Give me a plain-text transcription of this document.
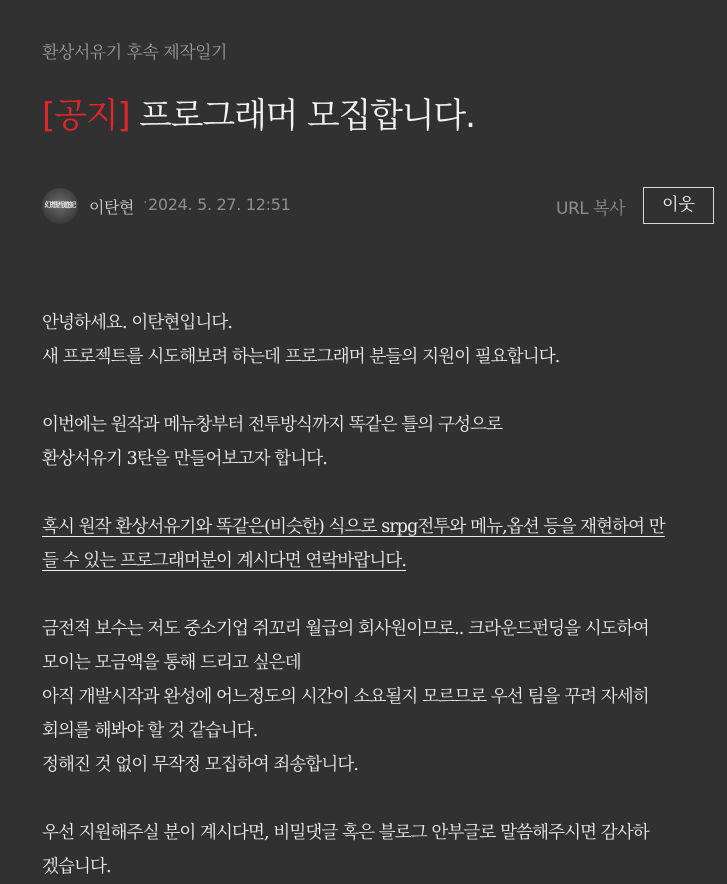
환상서유기 후속 제작일기
[공지] 프로그래머 모집합니다.
幻想西遊記 이탄현 · 2024. 5. 27. 12:51	URL 복사	이웃

안녕하세요. 이탄현입니다.

새 프로젝트를 시도해보려 하는데 프로그래머 분들의 지원이 필요합니다.

이번에는 원작과 메뉴창부터 전투방식까지 똑같은 틀의 구성으로

환상서유기 3탄을 만들어보고자 합니다.

혹시 원작 환상서유기와 똑같은(비슷한) 식으로 srpg전투와 메뉴,옵션 등을 재현하여 만

들 수 있는 프로그래머분이 계시다면 연락바랍니다.

금전적 보수는 저도 중소기업 쥐꼬리 월급의 회사원이므로.. 크라운드펀딩을 시도하여

모이는 모금액을 통해 드리고 싶은데

아직 개발시작과 완성에 어느정도의 시간이 소요될지 모르므로 우선 팀을 꾸려 자세히

회의를 해봐야 할 것 같습니다.

정해진 것 없이 무작정 모집하여 죄송합니다.

우선 지원해주실 분이 계시다면, 비밀댓글 혹은 블로그 안부글로 말씀해주시면 감사하

겠습니다.
